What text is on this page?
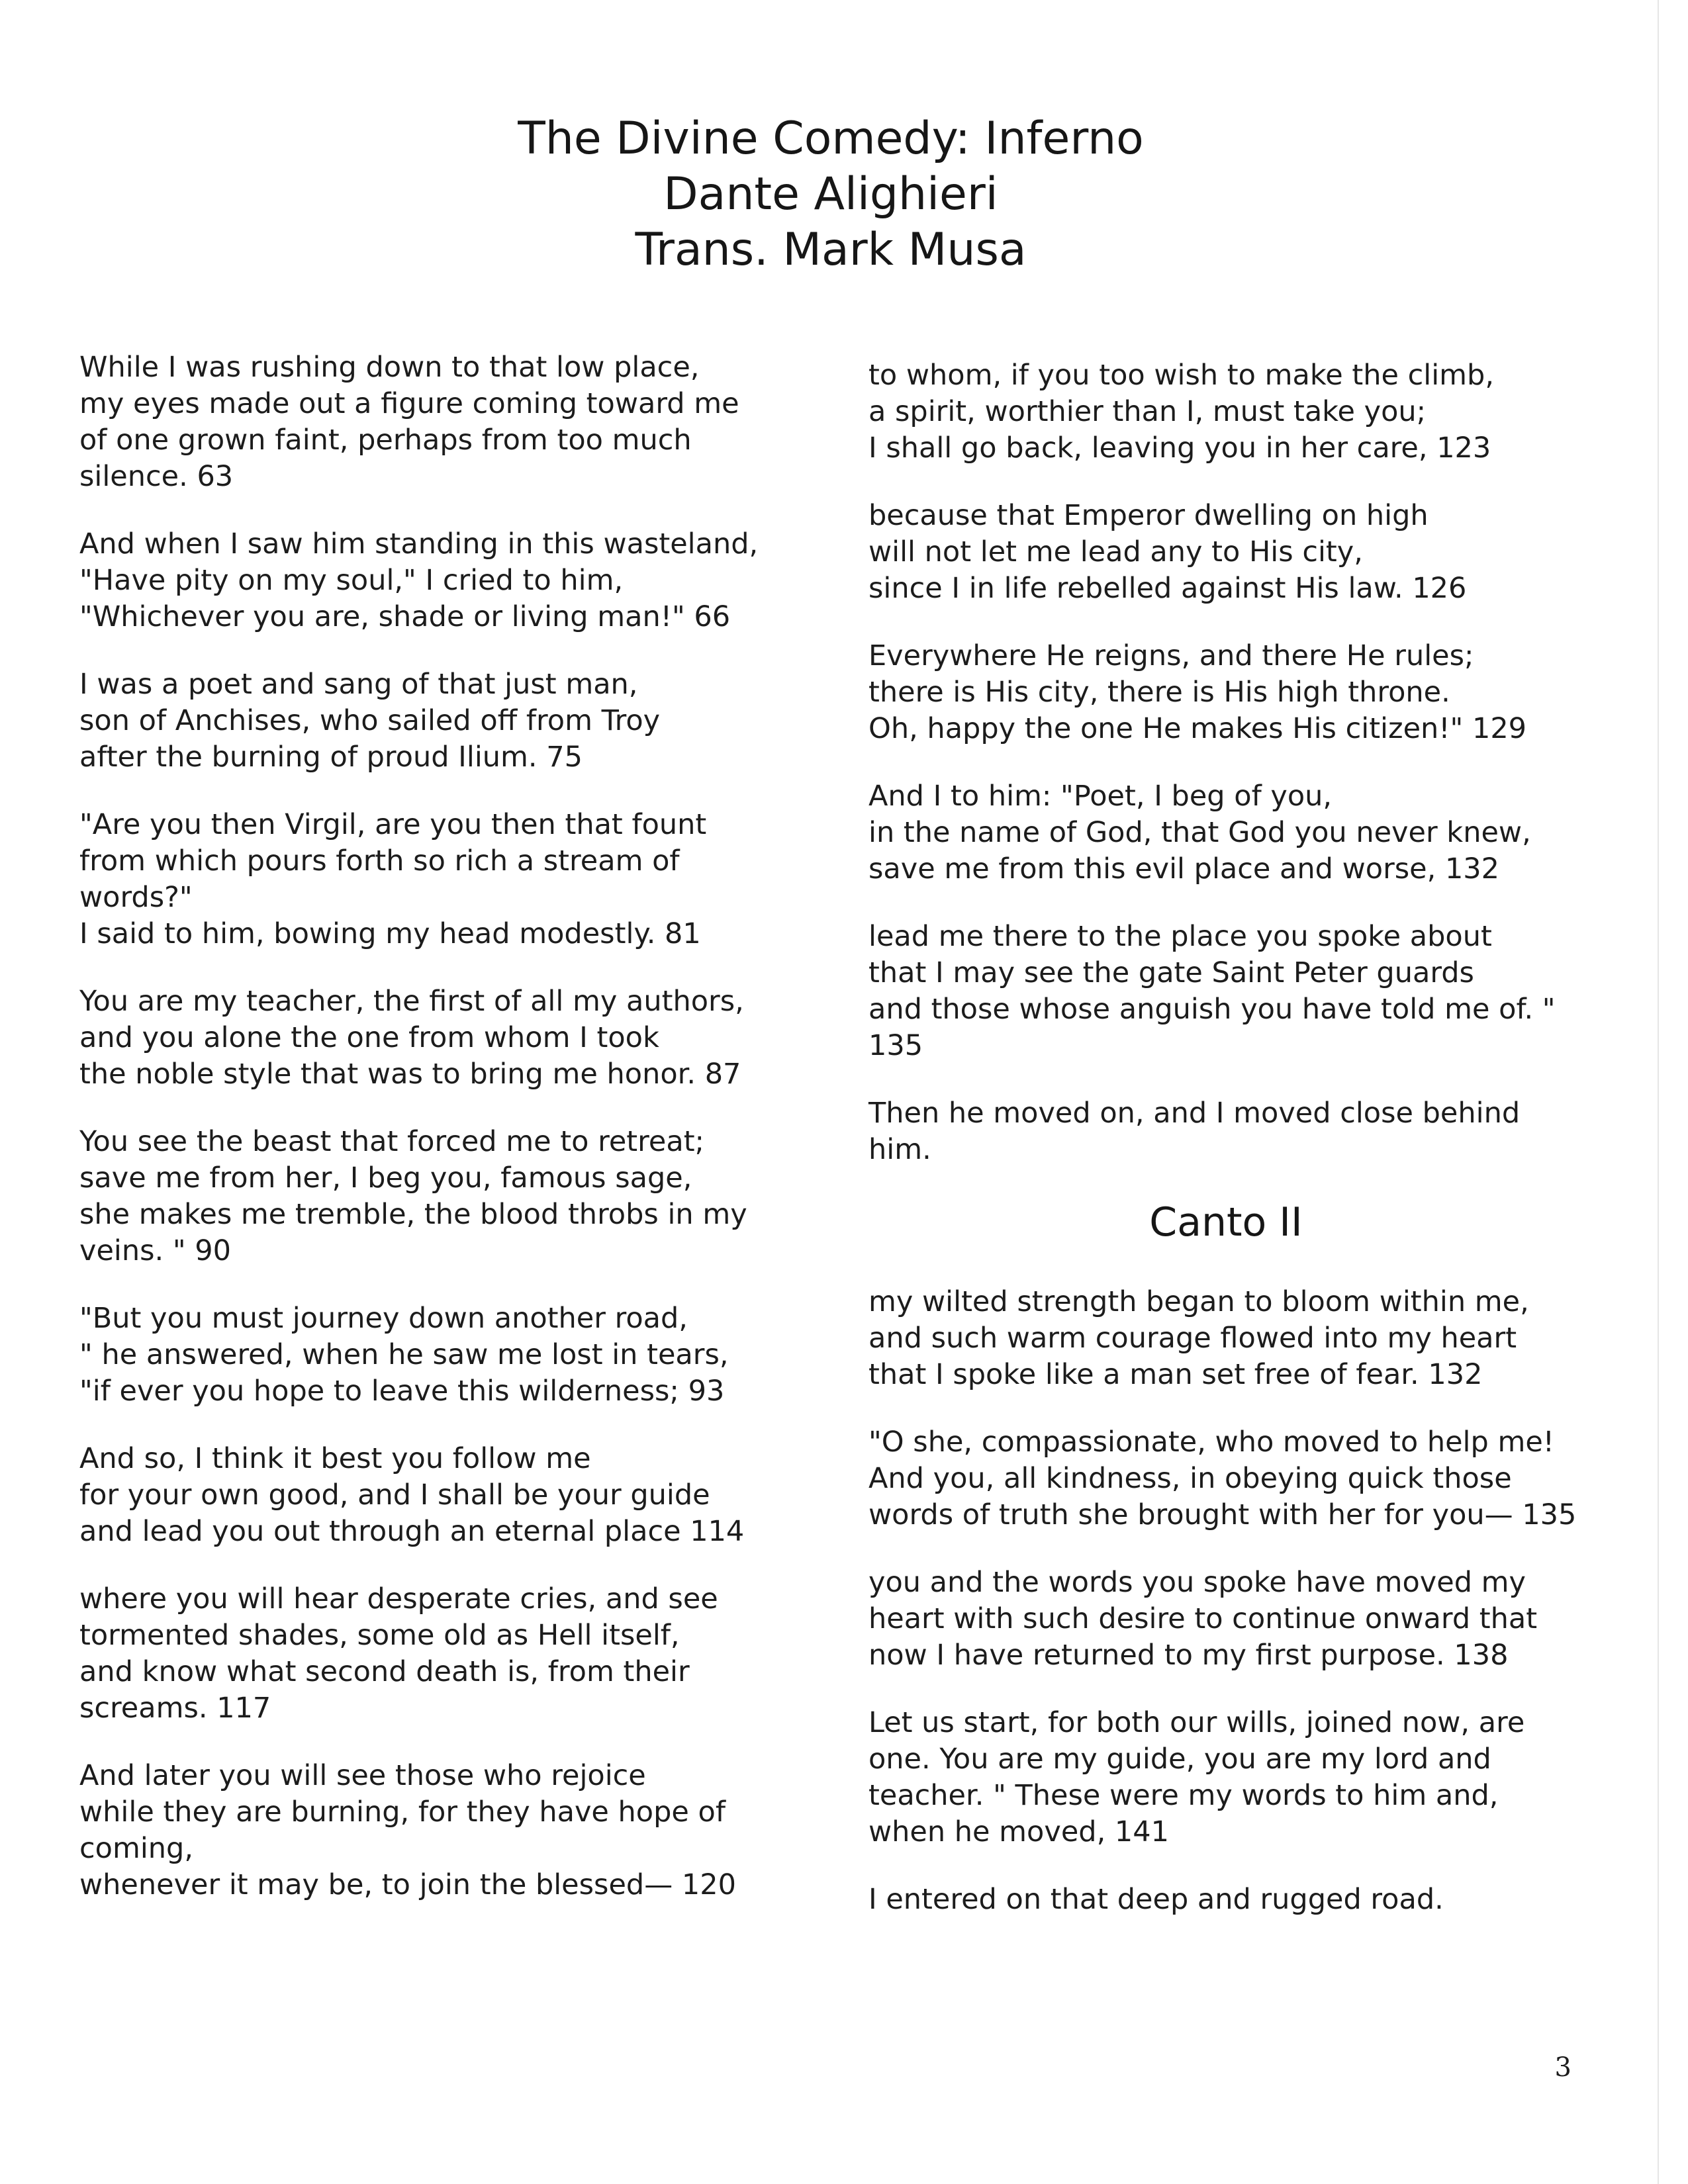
The Divine Comedy: Inferno
Dante Alighieri
Trans. Mark Musa
While I was rushing down to that low place,
my eyes made out a figure coming toward me
of one grown faint, perhaps from too much
silence. 63
And when I saw him standing in this wasteland,
"Have pity on my soul," I cried to him,
"Whichever you are, shade or living man!" 66
I was a poet and sang of that just man,
son of Anchises, who sailed off from Troy
after the burning of proud Ilium. 75
"Are you then Virgil, are you then that fount
from which pours forth so rich a stream of
words?"
I said to him, bowing my head modestly. 81
You are my teacher, the first of all my authors,
and you alone the one from whom I took
the noble style that was to bring me honor. 87
You see the beast that forced me to retreat;
save me from her, I beg you, famous sage,
she makes me tremble, the blood throbs in my
veins. " 90
"But you must journey down another road,
" he answered, when he saw me lost in tears,
"if ever you hope to leave this wilderness; 93
And so, I think it best you follow me
for your own good, and I shall be your guide
and lead you out through an eternal place 114
where you will hear desperate cries, and see
tormented shades, some old as Hell itself,
and know what second death is, from their
screams. 117
And later you will see those who rejoice
while they are burning, for they have hope of
coming,
whenever it may be, to join the blessed— 120
to whom, if you too wish to make the climb,
a spirit, worthier than I, must take you;
I shall go back, leaving you in her care, 123
because that Emperor dwelling on high
will not let me lead any to His city,
since I in life rebelled against His law. 126
Everywhere He reigns, and there He rules;
there is His city, there is His high throne.
Oh, happy the one He makes His citizen!" 129
And I to him: "Poet, I beg of you,
in the name of God, that God you never knew,
save me from this evil place and worse, 132
lead me there to the place you spoke about
that I may see the gate Saint Peter guards
and those whose anguish you have told me of. "
135
Then he moved on, and I moved close behind
him.
Canto II
my wilted strength began to bloom within me,
and such warm courage flowed into my heart
that I spoke like a man set free of fear. 132
"O she, compassionate, who moved to help me!
And you, all kindness, in obeying quick those
words of truth she brought with her for you— 135
you and the words you spoke have moved my
heart with such desire to continue onward that
now I have returned to my first purpose. 138
Let us start, for both our wills, joined now, are
one. You are my guide, you are my lord and
teacher. " These were my words to him and,
when he moved, 141
I entered on that deep and rugged road.
3
